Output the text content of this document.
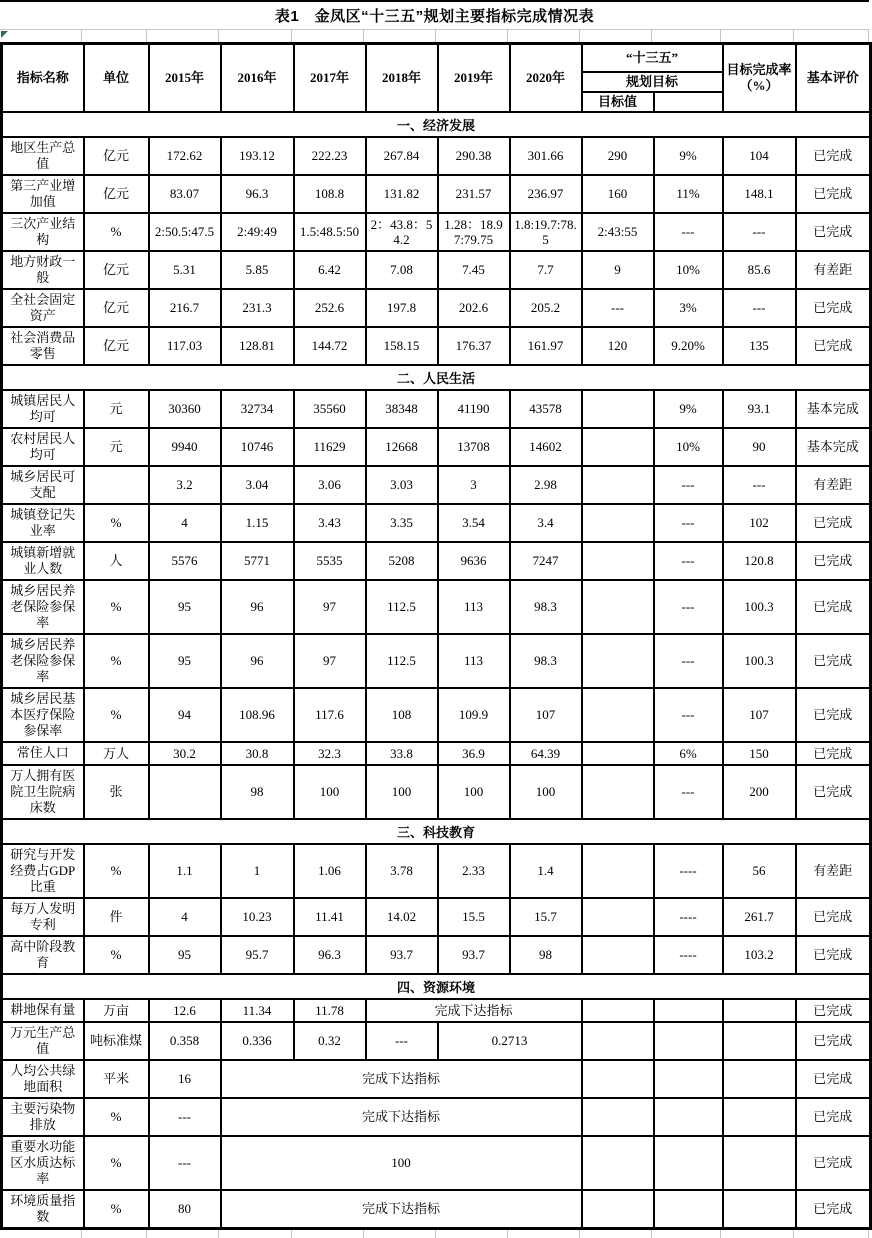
表1　金凤区“十三五”规划主要指标完成情况表
指标名称	单位	2015年	2016年	2017年	2018年	2019年	2020年	“十三五”		目标完成率（%）	基本评价
								规划目标			
								目标值			
一、经济发展											
地区生产总值	亿元	172.62	193.12	222.23	267.84	290.38	301.66	290	9%	104	已完成
第三产业增加值	亿元	83.07	96.3	108.8	131.82	231.57	236.97	160	11%	148.1	已完成
三次产业结构	%	2:50.5:47.5	2:49:49	1.5:48.5:50	2：43.8：54.2	1.28：18.97:79.75	1.8:19.7:78.5	2:43:55	---	---	已完成
地方财政一般	亿元	5.31	5.85	6.42	7.08	7.45	7.7	9	10%	85.6	有差距
全社会固定资产	亿元	216.7	231.3	252.6	197.8	202.6	205.2	---	3%	---	已完成
社会消费品零售	亿元	117.03	128.81	144.72	158.15	176.37	161.97	120	9.20%	135	已完成
二、人民生活											
城镇居民人均可	元	30360	32734	35560	38348	41190	43578		9%	93.1	基本完成
农村居民人均可	元	9940	10746	11629	12668	13708	14602		10%	90	基本完成
城乡居民可支配		3.2	3.04	3.06	3.03	3	2.98		---	---	有差距
城镇登记失业率	%	4	1.15	3.43	3.35	3.54	3.4		---	102	已完成
城镇新增就业人数	人	5576	5771	5535	5208	9636	7247		---	120.8	已完成
城乡居民养老保险参保率	%	95	96	97	112.5	113	98.3		---	100.3	已完成
城乡居民养老保险参保率	%	95	96	97	112.5	113	98.3		---	100.3	已完成
城乡居民基本医疗保险参保率	%	94	108.96	117.6	108	109.9	107		---	107	已完成
常住人口	万人	30.2	30.8	32.3	33.8	36.9	64.39		6%	150	已完成
万人拥有医院卫生院病床数	张		98	100	100	100	100		---	200	已完成
三、科技教育											
研究与开发经费占GDP比重	%	1.1	1	1.06	3.78	2.33	1.4		----	56	有差距
每万人发明专利	件	4	10.23	11.41	14.02	15.5	15.7		----	261.7	已完成
高中阶段教育	%	95	95.7	96.3	93.7	93.7	98		----	103.2	已完成
四、资源环境											
耕地保有量	万亩	12.6	11.34	11.78	完成下达指标						已完成
万元生产总值	吨标准煤	0.358	0.336	0.32	---	0.2713					已完成
人均公共绿地面积	平米	16	完成下达指标								已完成
主要污染物排放	%	---	完成下达指标								已完成
重要水功能区水质达标率	%	---	100								已完成
环境质量指数	%	80	完成下达指标								已完成
